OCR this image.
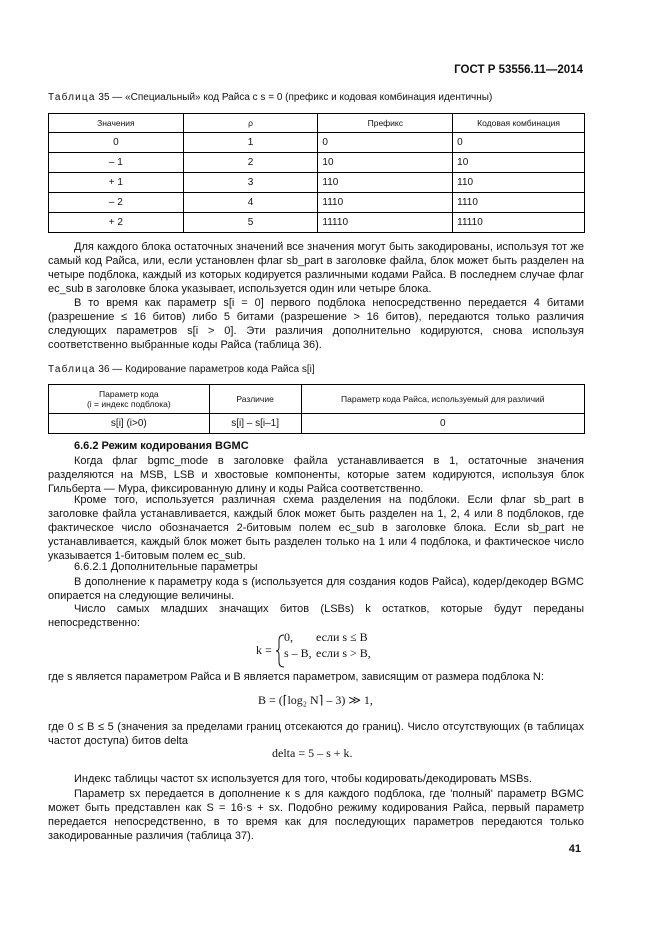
ГОСТ Р 53556.11—2014
Таблица 35 — «Специальный» код Райса с s = 0 (префикс и кодовая комбинация идентичны)
Значения	ρ	Префикс	Кодовая комбинация
0	1	0	0
– 1	2	10	10
+ 1	3	110	110
– 2	4	1110	1110
+ 2	5	11110	11110
Для каждого блока остаточных значений все значения могут быть закодированы, используя тот же самый код Райса, или, если установлен флаг sb_part в заголовке файла, блок может быть разделен на четыре подблока, каждый из которых кодируется различными кодами Райса. В последнем случае флаг ec_sub в заголовке блока указывает, используется один или четыре блока.
В то время как параметр s[i = 0] первого подблока непосредственно передается 4 битами (разрешение ≤ 16 битов) либо 5 битами (разрешение > 16 битов), передаются только различия следующих параметров s[i > 0]. Эти различия дополнительно кодируются, снова используя соответственно выбранные коды Райса (таблица 36).
Таблица 36 — Кодирование параметров кода Райса s[i]
Параметр кода
(i = индекс подблока)	Различие	Параметр кода Райса, используемый для различий
s[i] (i>0)	s[i] – s[i–1]	0
6.6.2 Режим кодирования BGMC
Когда флаг bgmc_mode в заголовке файла устанавливается в 1, остаточные значения разделяются на MSB, LSB и хвостовые компоненты, которые затем кодируются, используя блок Гильберта — Мура, фиксированную длину и коды Райса соответственно.
Кроме того, используется различная схема разделения на подблоки. Если флаг sb_part в заголовке файла устанавливается, каждый блок может быть разделен на 1, 2, 4 или 8 подблоков, где фактическое число обозначается 2-битовым полем ec_sub в заголовке блока. Если sb_part не устанавливается, каждый блок может быть разделен только на 1 или 4 подблока, и фактическое число указывается 1-битовым полем ec_sub.
6.6.2.1 Дополнительные параметры
В дополнение к параметру кода s (используется для создания кодов Райса), кодер/декодер BGMC опирается на следующие величины.
Число самых младших значащих битов (LSBs) k остатков, которые будут переданы непосредственно:
k =
0, если s ≤ B
s – B, если s > B,
где s является параметром Райса и B является параметром, зависящим от размера подблока N:
B = (⌈log₂ N⌉ – 3) ≫ 1,
где 0 ≤ B ≤ 5 (значения за пределами границ отсекаются до границ). Число отсутствующих (в таблицах частот доступа) битов delta
delta = 5 – s + k.
Индекс таблицы частот sx используется для того, чтобы кодировать/декодировать MSBs.
Параметр sx передается в дополнение к s для каждого подблока, где 'полный' параметр BGMC может быть представлен как S = 16·s + sx. Подобно режиму кодирования Райса, первый параметр передается непосредственно, в то время как для последующих параметров передаются только закодированные различия (таблица 37).
41
